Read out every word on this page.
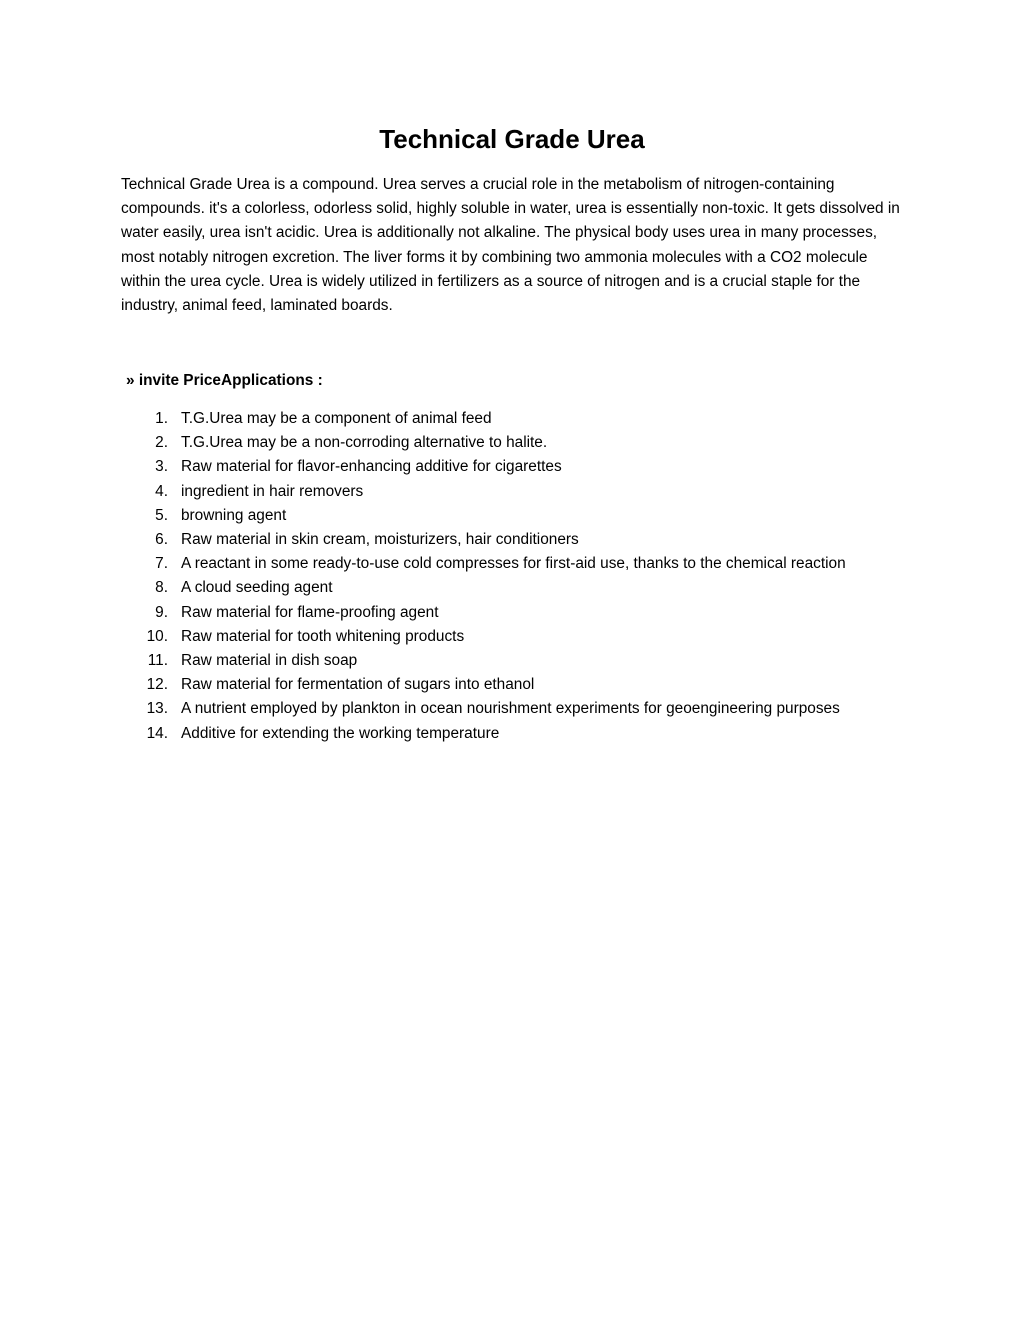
Technical Grade Urea

Technical Grade Urea is a compound. Urea serves a crucial role in the metabolism of nitrogen-containing compounds. it's a colorless, odorless solid, highly soluble in water, urea is essentially non-toxic. It gets dissolved in water easily, urea isn't acidic. Urea is additionally not alkaline. The physical body uses urea in many processes, most notably nitrogen excretion. The liver forms it by combining two ammonia molecules with a CO2 molecule within the urea cycle. Urea is widely utilized in fertilizers as a source of nitrogen and is a crucial staple for the industry, animal feed, laminated boards.

» invite PriceApplications :

1. T.G.Urea may be a component of animal feed
2. T.G.Urea may be a non-corroding alternative to halite.
3. Raw material for flavor-enhancing additive for cigarettes
4. ingredient in hair removers
5. browning agent
6. Raw material in skin cream, moisturizers, hair conditioners
7. A reactant in some ready-to-use cold compresses for first-aid use, thanks to the chemical reaction
8. A cloud seeding agent
9. Raw material for flame-proofing agent
10. Raw material for tooth whitening products
11. Raw material in dish soap
12. Raw material for fermentation of sugars into ethanol
13. A nutrient employed by plankton in ocean nourishment experiments for geoengineering purposes
14. Additive for extending the working temperature
